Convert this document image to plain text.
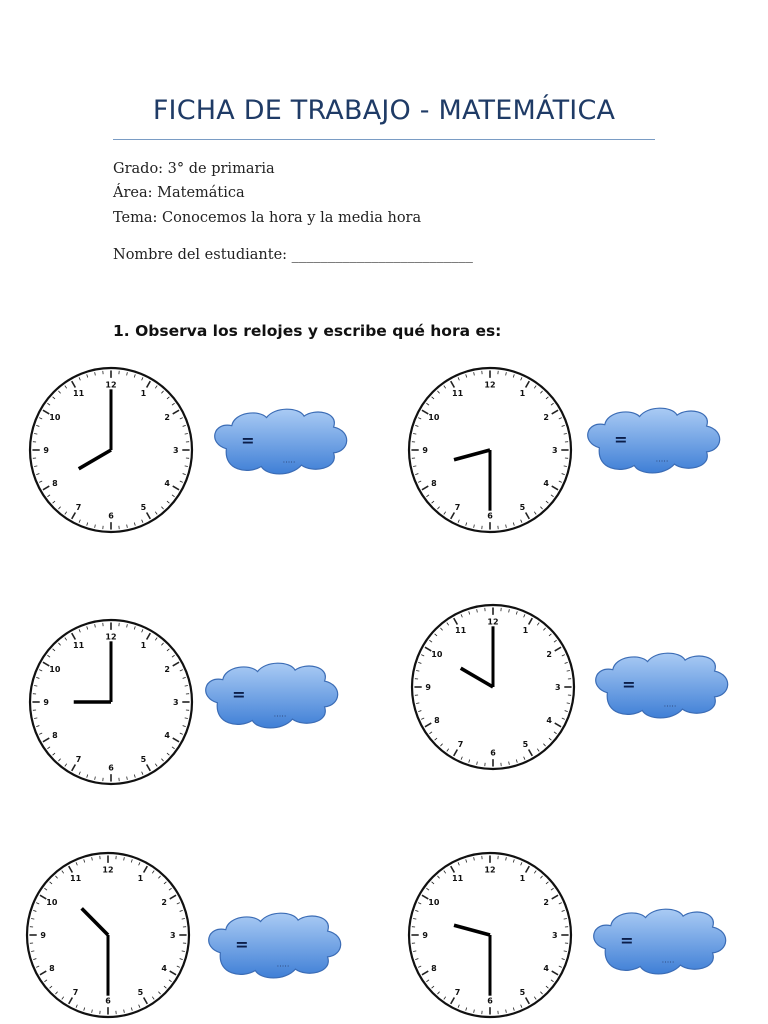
FICHA DE TRABAJO - MATEMÁTICA
Grado: 3° de primaria
Área: Matemática
Tema: Conocemos la hora y la media hora
Nombre del estudiante: _________________________
1. Observa los relojes y escribe qué hora es:
12
1
2
3
4
5
6
7
8
9
10
11
=
.....
12
1
2
3
4
5
6
7
8
9
10
11
=
.....
12
1
2
3
4
5
6
7
8
9
10
11
=
.....
12
1
2
3
4
5
6
7
8
9
10
11
=
.....
12
1
2
3
4
5
6
7
8
9
10
11
=
.....
12
1
2
3
4
5
6
7
8
9
10
11
=
.....
